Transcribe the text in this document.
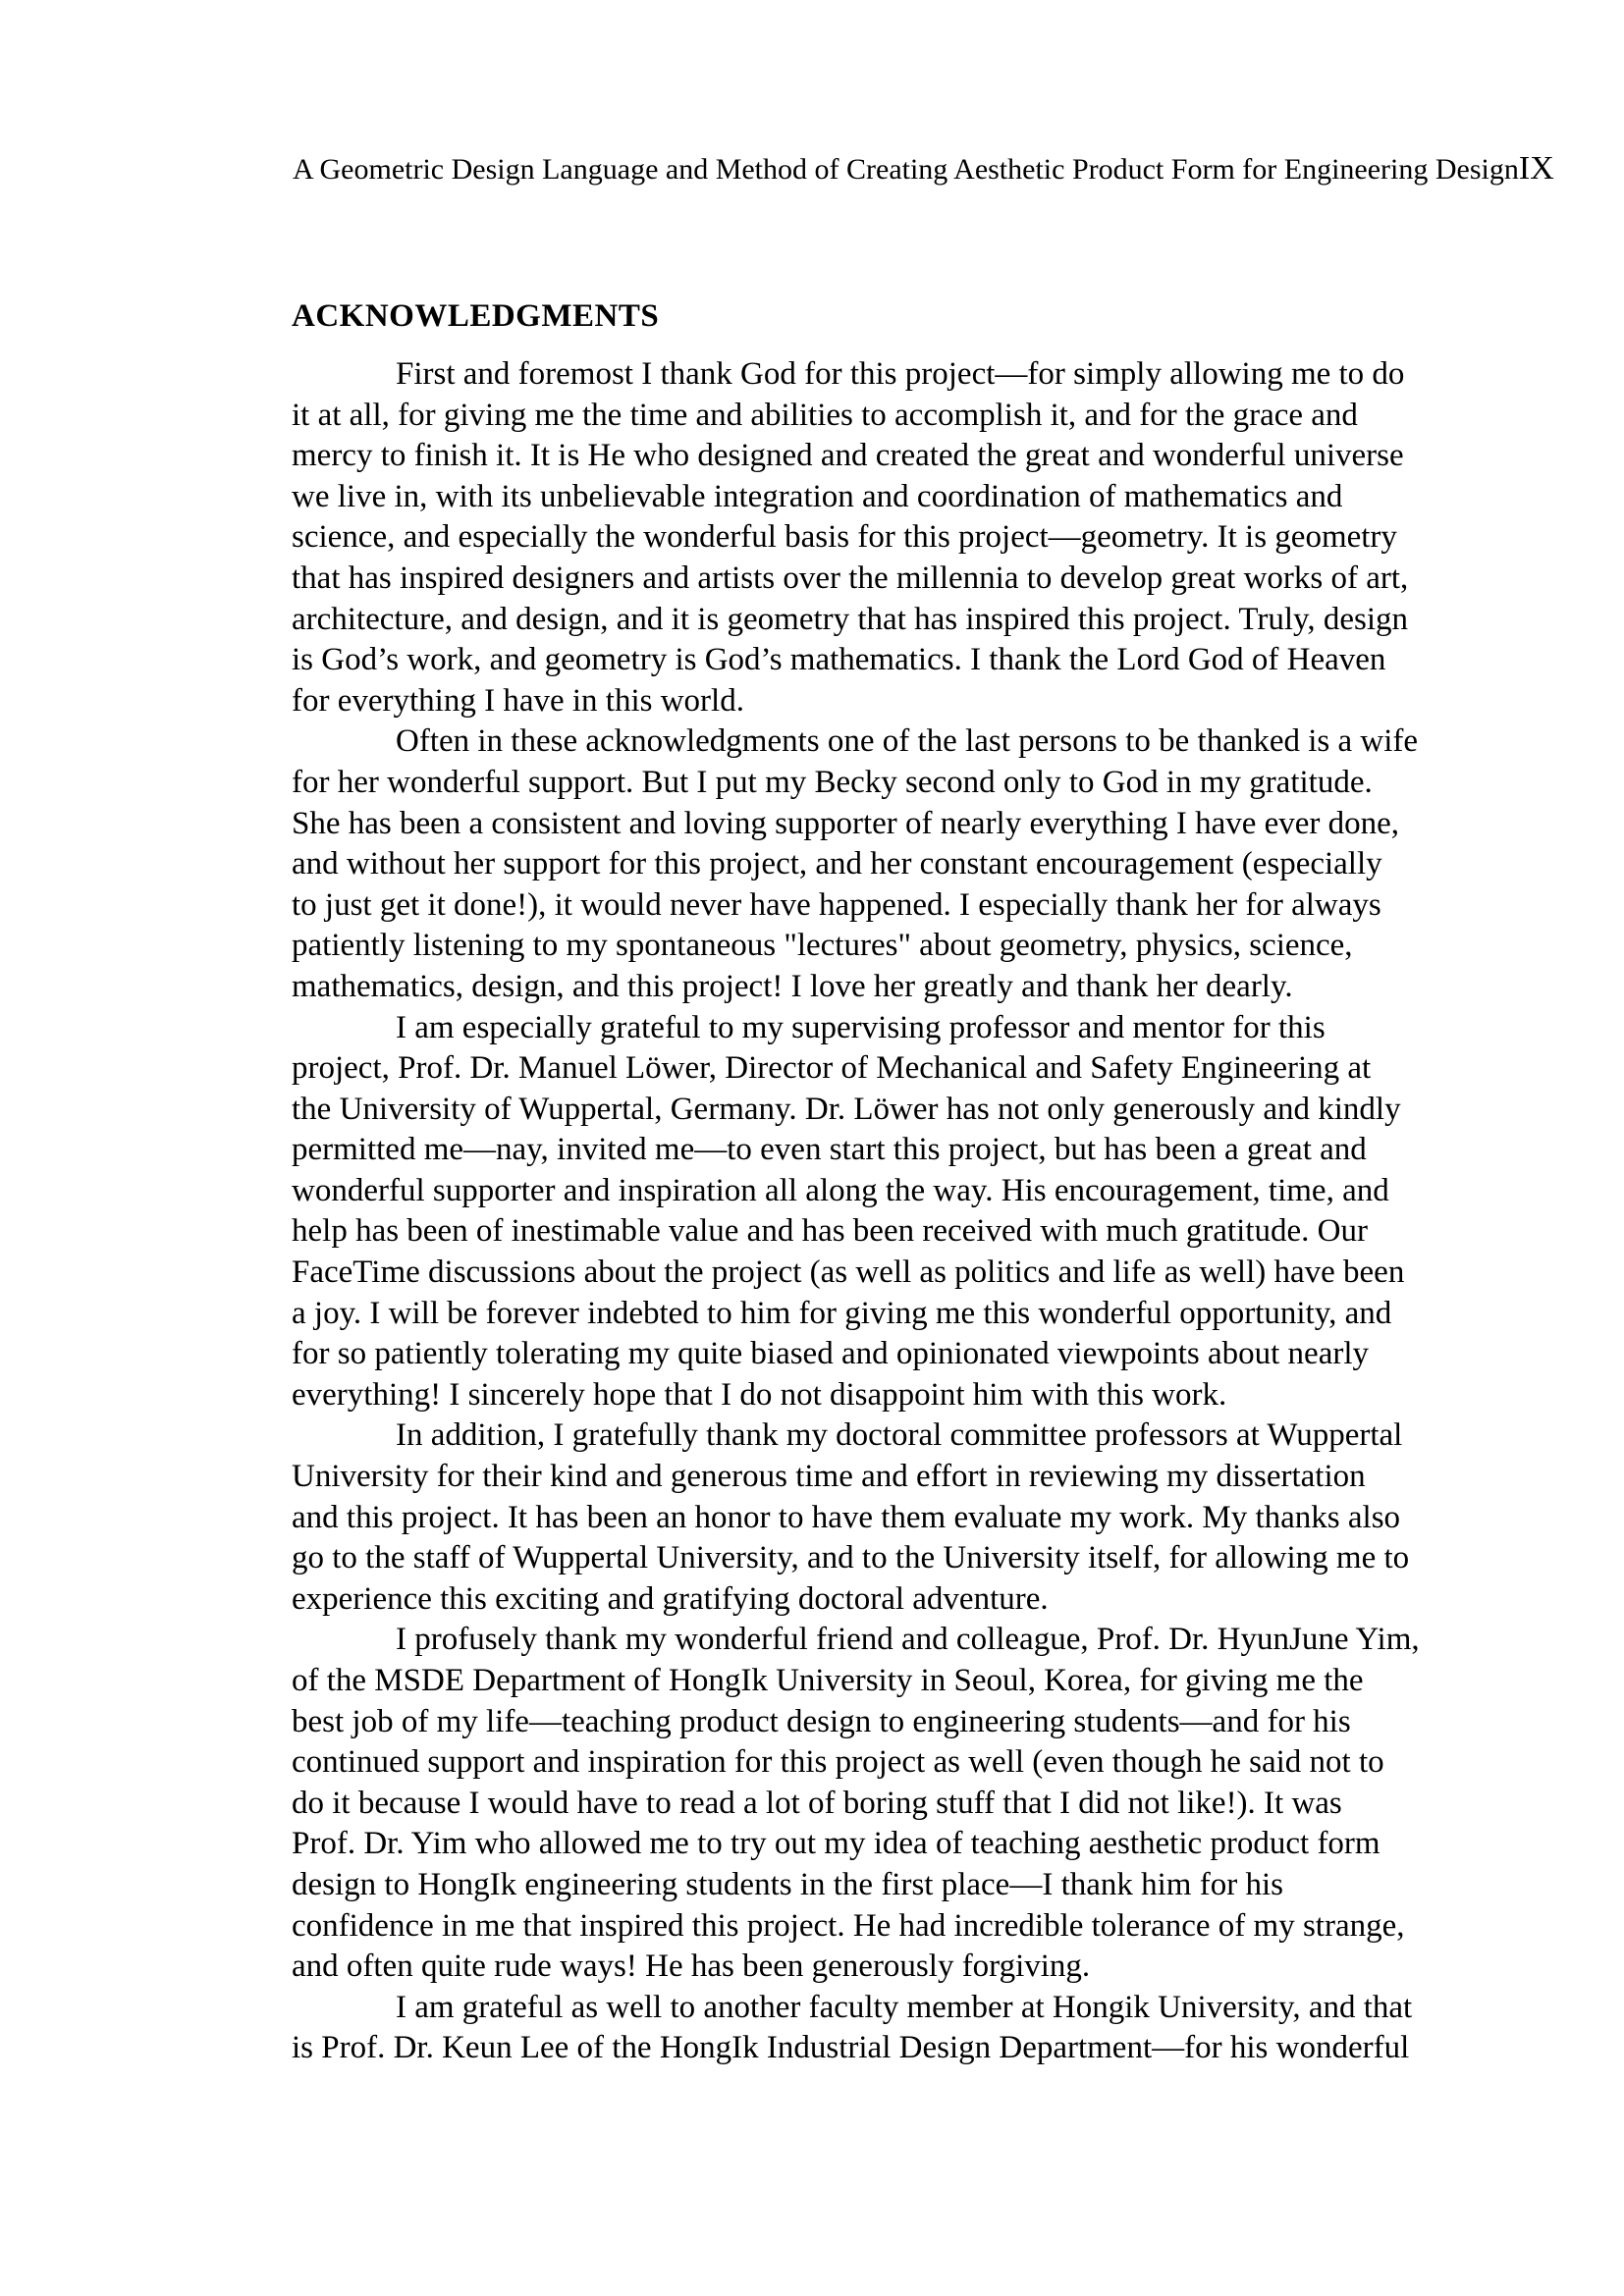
A Geometric Design Language and Method of Creating Aesthetic Product Form for Engineering Design IX
ACKNOWLEDGMENTS
First and foremost I thank God for this project—for simply allowing me to do
it at all, for giving me the time and abilities to accomplish it, and for the grace and
mercy to finish it. It is He who designed and created the great and wonderful universe
we live in, with its unbelievable integration and coordination of mathematics and
science, and especially the wonderful basis for this project—geometry. It is geometry
that has inspired designers and artists over the millennia to develop great works of art,
architecture, and design, and it is geometry that has inspired this project. Truly, design
is God’s work, and geometry is God’s mathematics. I thank the Lord God of Heaven
for everything I have in this world.
Often in these acknowledgments one of the last persons to be thanked is a wife
for her wonderful support. But I put my Becky second only to God in my gratitude.
She has been a consistent and loving supporter of nearly everything I have ever done,
and without her support for this project, and her constant encouragement (especially
to just get it done!), it would never have happened. I especially thank her for always
patiently listening to my spontaneous "lectures" about geometry, physics, science,
mathematics, design, and this project! I love her greatly and thank her dearly.
I am especially grateful to my supervising professor and mentor for this
project, Prof. Dr. Manuel Löwer, Director of Mechanical and Safety Engineering at
the University of Wuppertal, Germany. Dr. Löwer has not only generously and kindly
permitted me—nay, invited me—to even start this project, but has been a great and
wonderful supporter and inspiration all along the way. His encouragement, time, and
help has been of inestimable value and has been received with much gratitude. Our
FaceTime discussions about the project (as well as politics and life as well) have been
a joy. I will be forever indebted to him for giving me this wonderful opportunity, and
for so patiently tolerating my quite biased and opinionated viewpoints about nearly
everything! I sincerely hope that I do not disappoint him with this work.
In addition, I gratefully thank my doctoral committee professors at Wuppertal
University for their kind and generous time and effort in reviewing my dissertation
and this project. It has been an honor to have them evaluate my work. My thanks also
go to the staff of Wuppertal University, and to the University itself, for allowing me to
experience this exciting and gratifying doctoral adventure.
I profusely thank my wonderful friend and colleague, Prof. Dr. HyunJune Yim,
of the MSDE Department of HongIk University in Seoul, Korea, for giving me the
best job of my life—teaching product design to engineering students—and for his
continued support and inspiration for this project as well (even though he said not to
do it because I would have to read a lot of boring stuff that I did not like!). It was
Prof. Dr. Yim who allowed me to try out my idea of teaching aesthetic product form
design to HongIk engineering students in the first place—I thank him for his
confidence in me that inspired this project. He had incredible tolerance of my strange,
and often quite rude ways! He has been generously forgiving.
I am grateful as well to another faculty member at Hongik University, and that
is Prof. Dr. Keun Lee of the HongIk Industrial Design Department—for his wonderful
